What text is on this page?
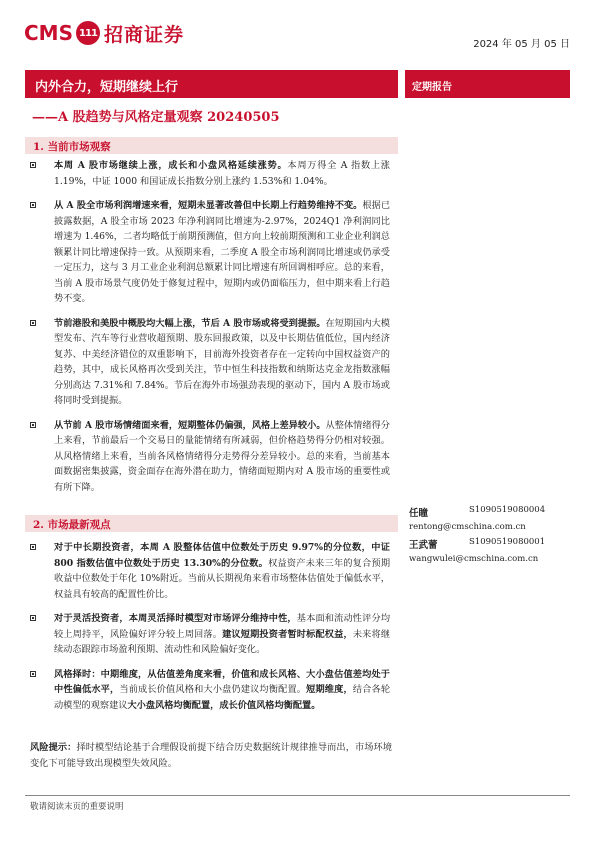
CMS 111 招商证券	2024 年 05 月 05 日
内外合力，短期继续上行	定期报告
——A 股趋势与风格定量观察 20240505
1. 当前市场观察
本周 A 股市场继续上涨，成长和小盘风格延续涨势。本周万得全 A 指数上涨 1.19%，中证 1000 和国证成长指数分别上涨约 1.53%和 1.04%。
从 A 股全市场利润增速来看，短期未显著改善但中长期上行趋势维持不变。根据已披露数据，A 股全市场 2023 年净利润同比增速为-2.97%，2024Q1 净利润同比增速为 1.46%，二者均略低于前期预测值，但方向上较前期预测和工业企业利润总额累计同比增速保持一致。从预期来看，二季度 A 股全市场利润同比增速或仍承受一定压力，这与 3 月工业企业利润总额累计同比增速有所回调相呼应。总的来看，当前 A 股市场景气度仍处于修复过程中，短期内或仍面临压力，但中期来看上行趋势不变。
节前港股和美股中概股均大幅上涨，节后 A 股市场或将受到提振。在短期国内大模型发布、汽车等行业营收超预期、股东回报政策，以及中长期估值低位，国内经济复苏、中美经济错位的双重影响下，目前海外投资者存在一定转向中国权益资产的趋势，其中，成长风格再次受到关注，节中恒生科技指数和纳斯达克金龙指数涨幅分别高达 7.31%和 7.84%。节后在海外市场强劲表现的驱动下，国内 A 股市场或将同时受到提振。
从节前 A 股市场情绪面来看，短期整体仍偏强，风格上差异较小。从整体情绪得分上来看，节前最后一个交易日的量能情绪有所减弱，但价格趋势得分仍相对较强。从风格情绪上来看，当前各风格情绪得分走势得分差异较小。总的来看，当前基本面数据密集披露，资金面存在海外潜在助力，情绪面短期内对 A 股市场的重要性或有所下降。
2. 市场最新观点
对于中长期投资者，本周 A 股整体估值中位数处于历史 9.97%的分位数，中证 800 指数估值中位数处于历史 13.30%的分位数。权益资产未来三年的复合预期收益中位数处于年化 10%附近。当前从长期视角来看市场整体估值处于偏低水平，权益具有较高的配置性价比。
对于灵活投资者，本周灵活择时模型对市场评分维持中性，基本面和流动性评分均较上周持平，风险偏好评分较上周回落。建议短期投资者暂时标配权益，未来将继续动态跟踪市场盈利预期、流动性和风险偏好变化。
风格择时：中期维度，从估值差角度来看，价值和成长风格、大小盘估值差均处于中性偏低水平，当前成长价值风格和大小盘仍建议均衡配置。短期维度，结合各轮动模型的观察建议大小盘风格均衡配置，成长价值风格均衡配置。
风险提示：择时模型结论基于合理假设前提下结合历史数据统计规律推导而出，市场环境变化下可能导致出现模型失效风险。
任瞳	S1090519080004
rentong@cmschina.com.cn
王武蕾	S1090519080001
wangwulei@cmschina.com.cn
敬请阅读末页的重要说明
